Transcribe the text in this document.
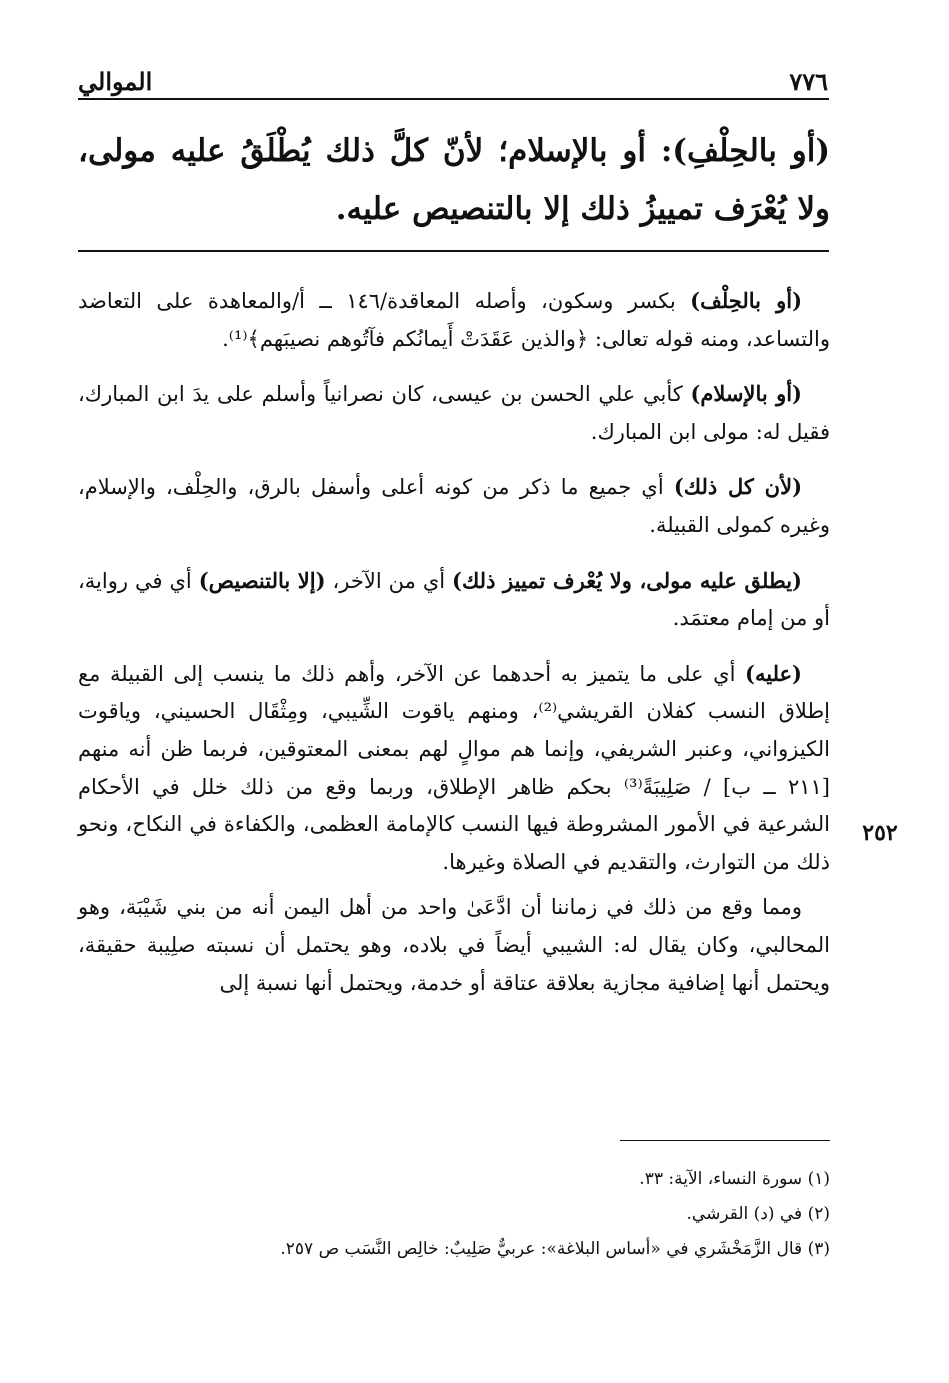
الموالي	٧٧٦
(أو بالحِلْفِ): أو بالإسلام؛ لأنّ كلَّ ذلك يُطْلَقُ عليه مولى، ولا يُعْرَف تمييزُ ذلك إلا بالتنصيص عليه.

(أو بالحِلْف) بكسر وسكون، وأصله المعاقدة/١٤٦ ــ أ/والمعاهدة على التعاضد والتساعد، ومنه قوله تعالى: ﴿والذين عَقَدَتْ أَيمانُكم فآتُوهم نصيبَهم﴾⁽¹⁾.

(أو بالإسلام) كأبي علي الحسن بن عيسى، كان نصرانياً وأسلم على يدَ ابن المبارك، فقيل له: مولى ابن المبارك.

(لأن كل ذلك) أي جميع ما ذكر من كونه أعلى وأسفل بالرق، والحِلْف، والإسلام، وغيره كمولى القبيلة.

(يطلق عليه مولى، ولا يُعْرف تمييز ذلك) أي من الآخر، (إلا بالتنصيص) أي في رواية، أو من إمام معتمَد.

(عليه) أي على ما يتميز به أحدهما عن الآخر، وأهم ذلك ما ينسب إلى القبيلة مع إطلاق النسب كفلان القريشي⁽²⁾، ومنهم ياقوت الشِّيبي، ومِثْقَال الحسيني، وياقوت الكيزواني، وعنبر الشريفي، وإنما هم موالٍ لهم بمعنى المعتوقين، فربما ظن أنه منهم [٢١١ ــ ب] / صَلِيبَةً⁽³⁾ بحكم ظاهر الإطلاق، وربما وقع من ذلك خلل في الأحكام الشرعية في الأمور المشروطة فيها النسب كالإمامة العظمى، والكفاءة في النكاح، ونحو ذلك من التوارث، والتقديم في الصلاة وغيرها.

ومما وقع من ذلك في زماننا أن ادَّعَىٰ واحد من أهل اليمن أنه من بني شَيْبَة، وهو المحالبي، وكان يقال له: الشيبي أيضاً في بلاده، وهو يحتمل أن نسبته صلِيبة حقيقة، ويحتمل أنها إضافية مجازية بعلاقة عتاقة أو خدمة، ويحتمل أنها نسبة إلى

٢٥٢
(١) سورة النساء، الآية: ٣٣.
(٢) في (د) القرشي.
(٣) قال الزَّمَخْشَري في «أساس البلاغة»: عربيٌّ صَلِيبٌ: خالِص النَّسَب ص ٢٥٧.
